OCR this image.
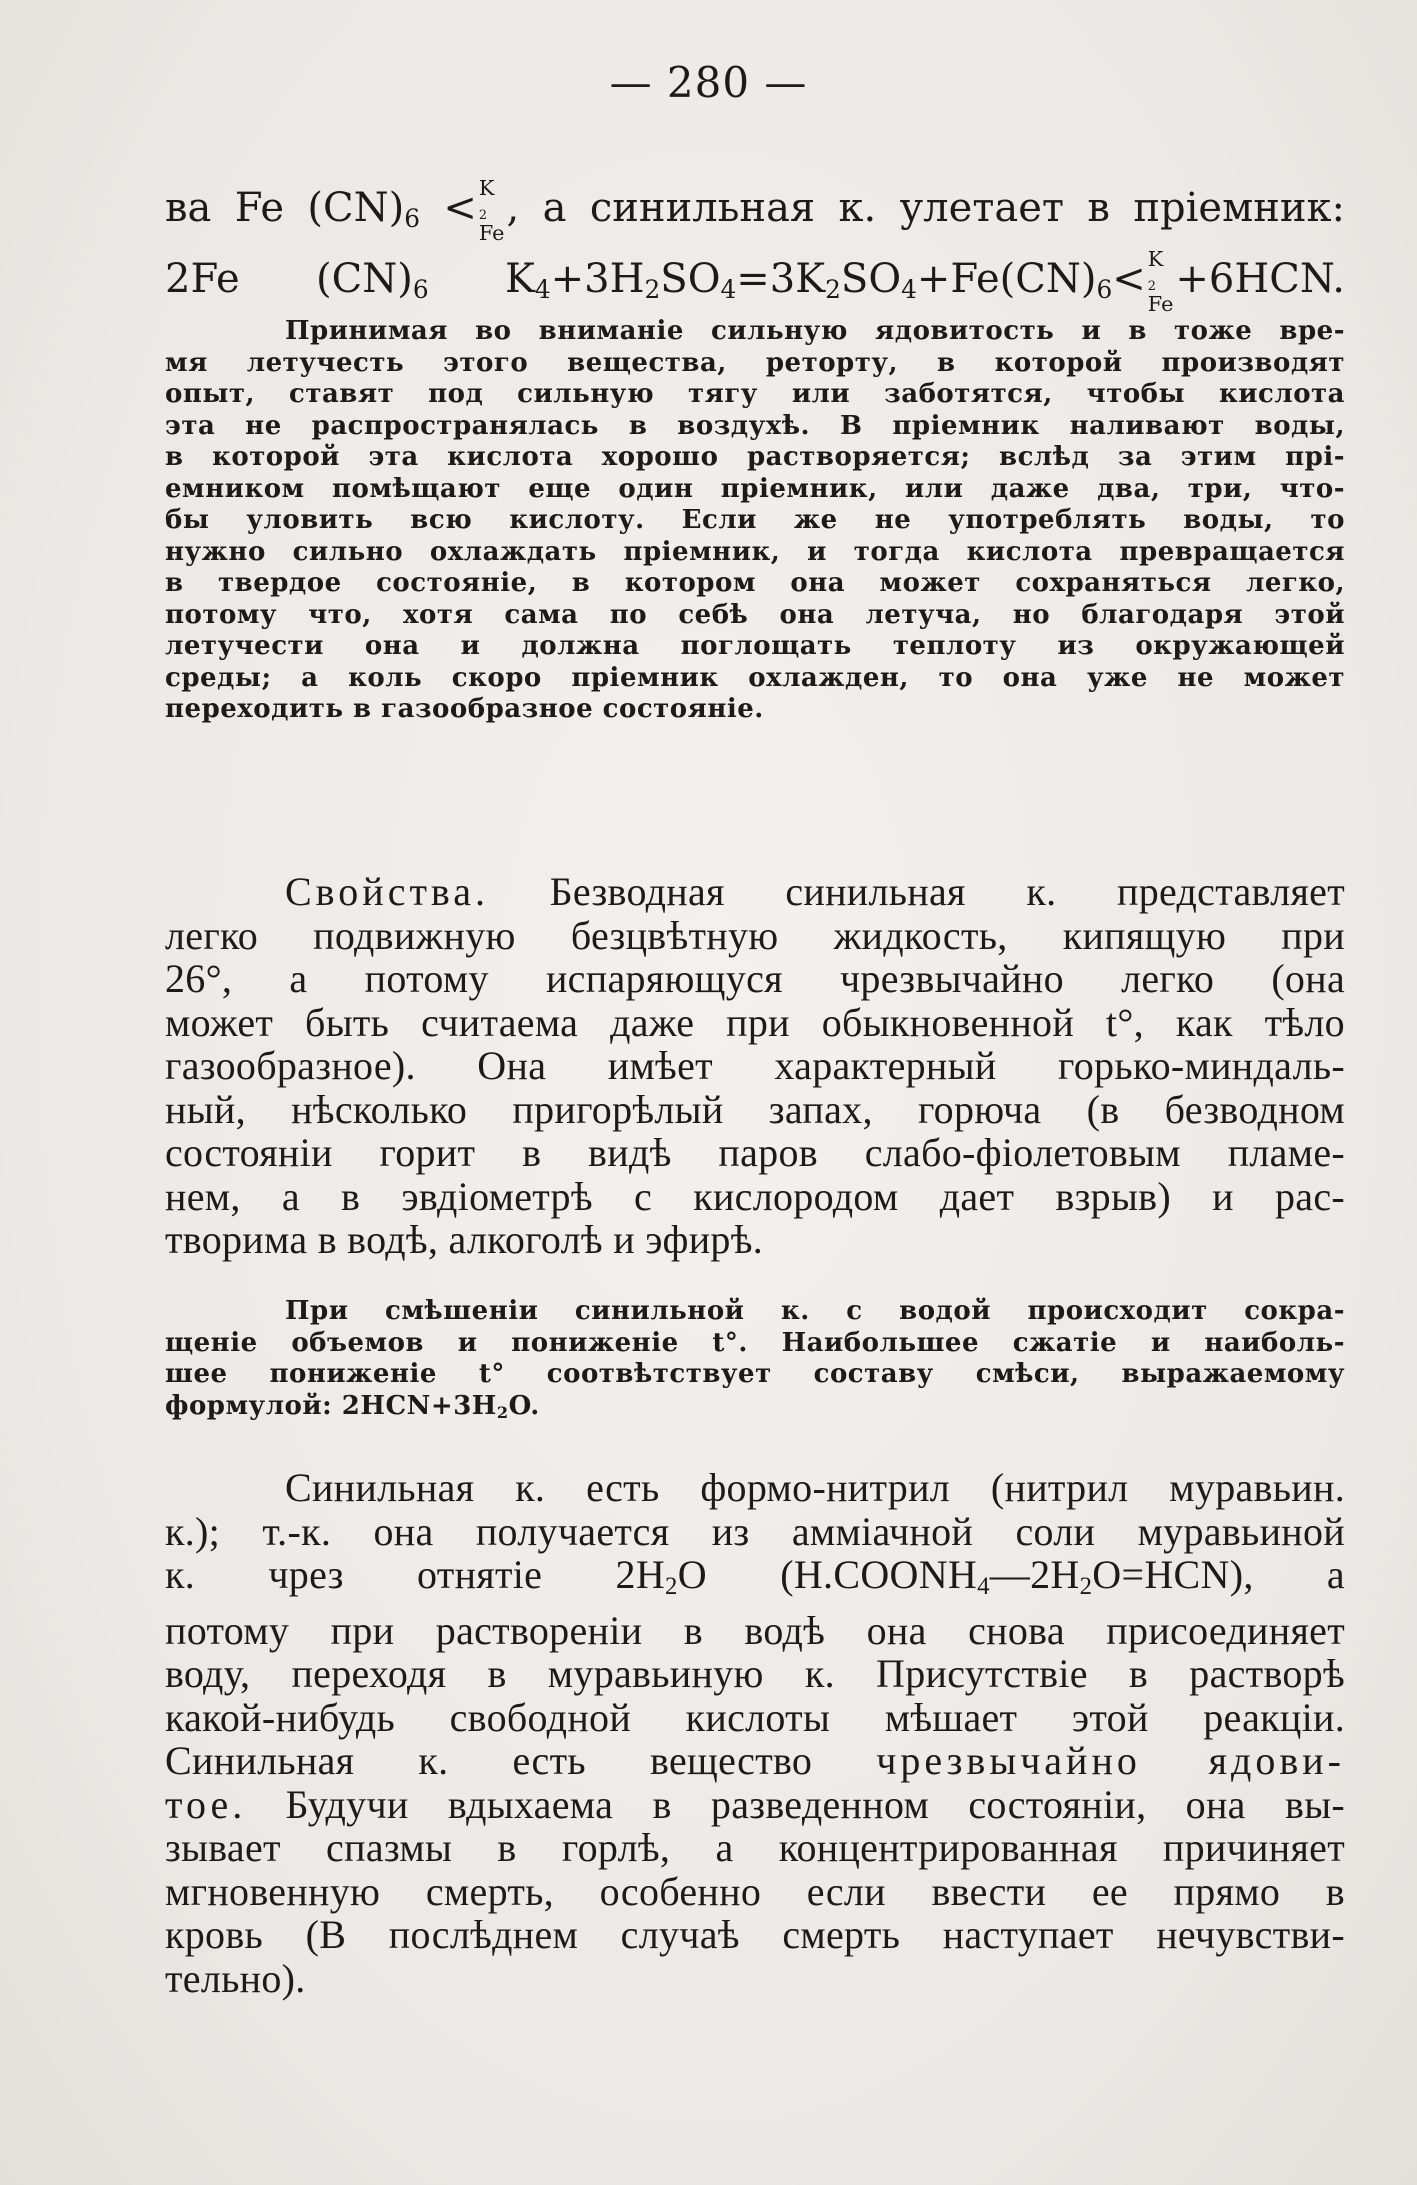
— 280 —
ва Fe $(CN)_6 < K$
$_2$
Fe
, а синильная к. улетает в пріемник:
2Fe $(CN)_6$ $K_4+3H_2SO_4=3K_2SO_4+Fe(CN)_6< K$
$_2$
Fe
+6HCN.
Принимая во вниманіе сильную ядовитость и в тоже вре-
мя летучесть этого вещества, реторту, в которой производят
опыт, ставят под сильную тягу или заботятся, чтобы кислота
эта не распространялась в воздухѣ. В пріемник наливают воды,
в которой эта кислота хорошо растворяется; вслѣд за этим прі-
емником помѣщают еще один пріемник, или даже два, три, что-
бы уловить всю кислоту. Если же не употреблять воды, то
нужно сильно охлаждать пріемник, и тогда кислота превращается
в твердое состояніе, в котором она может сохраняться легко,
потому что, хотя сама по себѣ она летуча, но благодаря этой
летучести она и должна поглощать теплоту из окружающей
среды; а коль скоро пріемник охлажден, то она уже не может
переходить в газообразное состояніе.
Свойства. Безводная синильная к. представляет
легко подвижную безцвѣтную жидкость, кипящую при
26°, а потому испаряющуся чрезвычайно легко (она
может быть считаема даже при обыкновенной t°, как тѣло
газообразное). Она имѣет характерный горько-миндаль-
ный, нѣсколько пригорѣлый запах, горюча (в безводном
состояніи горит в видѣ паров слабо-фіолетовым пламе-
нем, а в эвдіометрѣ с кислородом дает взрыв) и рас-
творима в водѣ, алкоголѣ и эфирѣ.
При смѣшеніи синильной к. с водой происходит сокра-
щеніе объемов и пониженіе t°. Наибольшее сжатіе и наиболь-
шее пониженіе t° соотвѣтствует составу смѣси, выражаемому
формулой: $2HCN+3H_2O$.
Синильная к. есть формо-нитрил (нитрил муравьин.
к.); т.-к. она получается из аммiачной соли муравьиной
к. чрез отнятіе $2H_2O$ $(H.COONH_4—2H_2O=HCN)$, а
потому при раствореніи в водѣ она снова присоединяет
воду, переходя в муравьиную к. Присутствіе в растворѣ
какой-нибудь свободной кислоты мѣшает этой реакціи.
Синильная к. есть вещество чрезвычайно ядови-
тое. Будучи вдыхаема в разведенном состояніи, она вы-
зывает спазмы в горлѣ, а концентрированная причиняет
мгновенную смерть, особенно если ввести ее прямо в
кровь (В послѣднем случаѣ смерть наступает нечувстви-
тельно).
